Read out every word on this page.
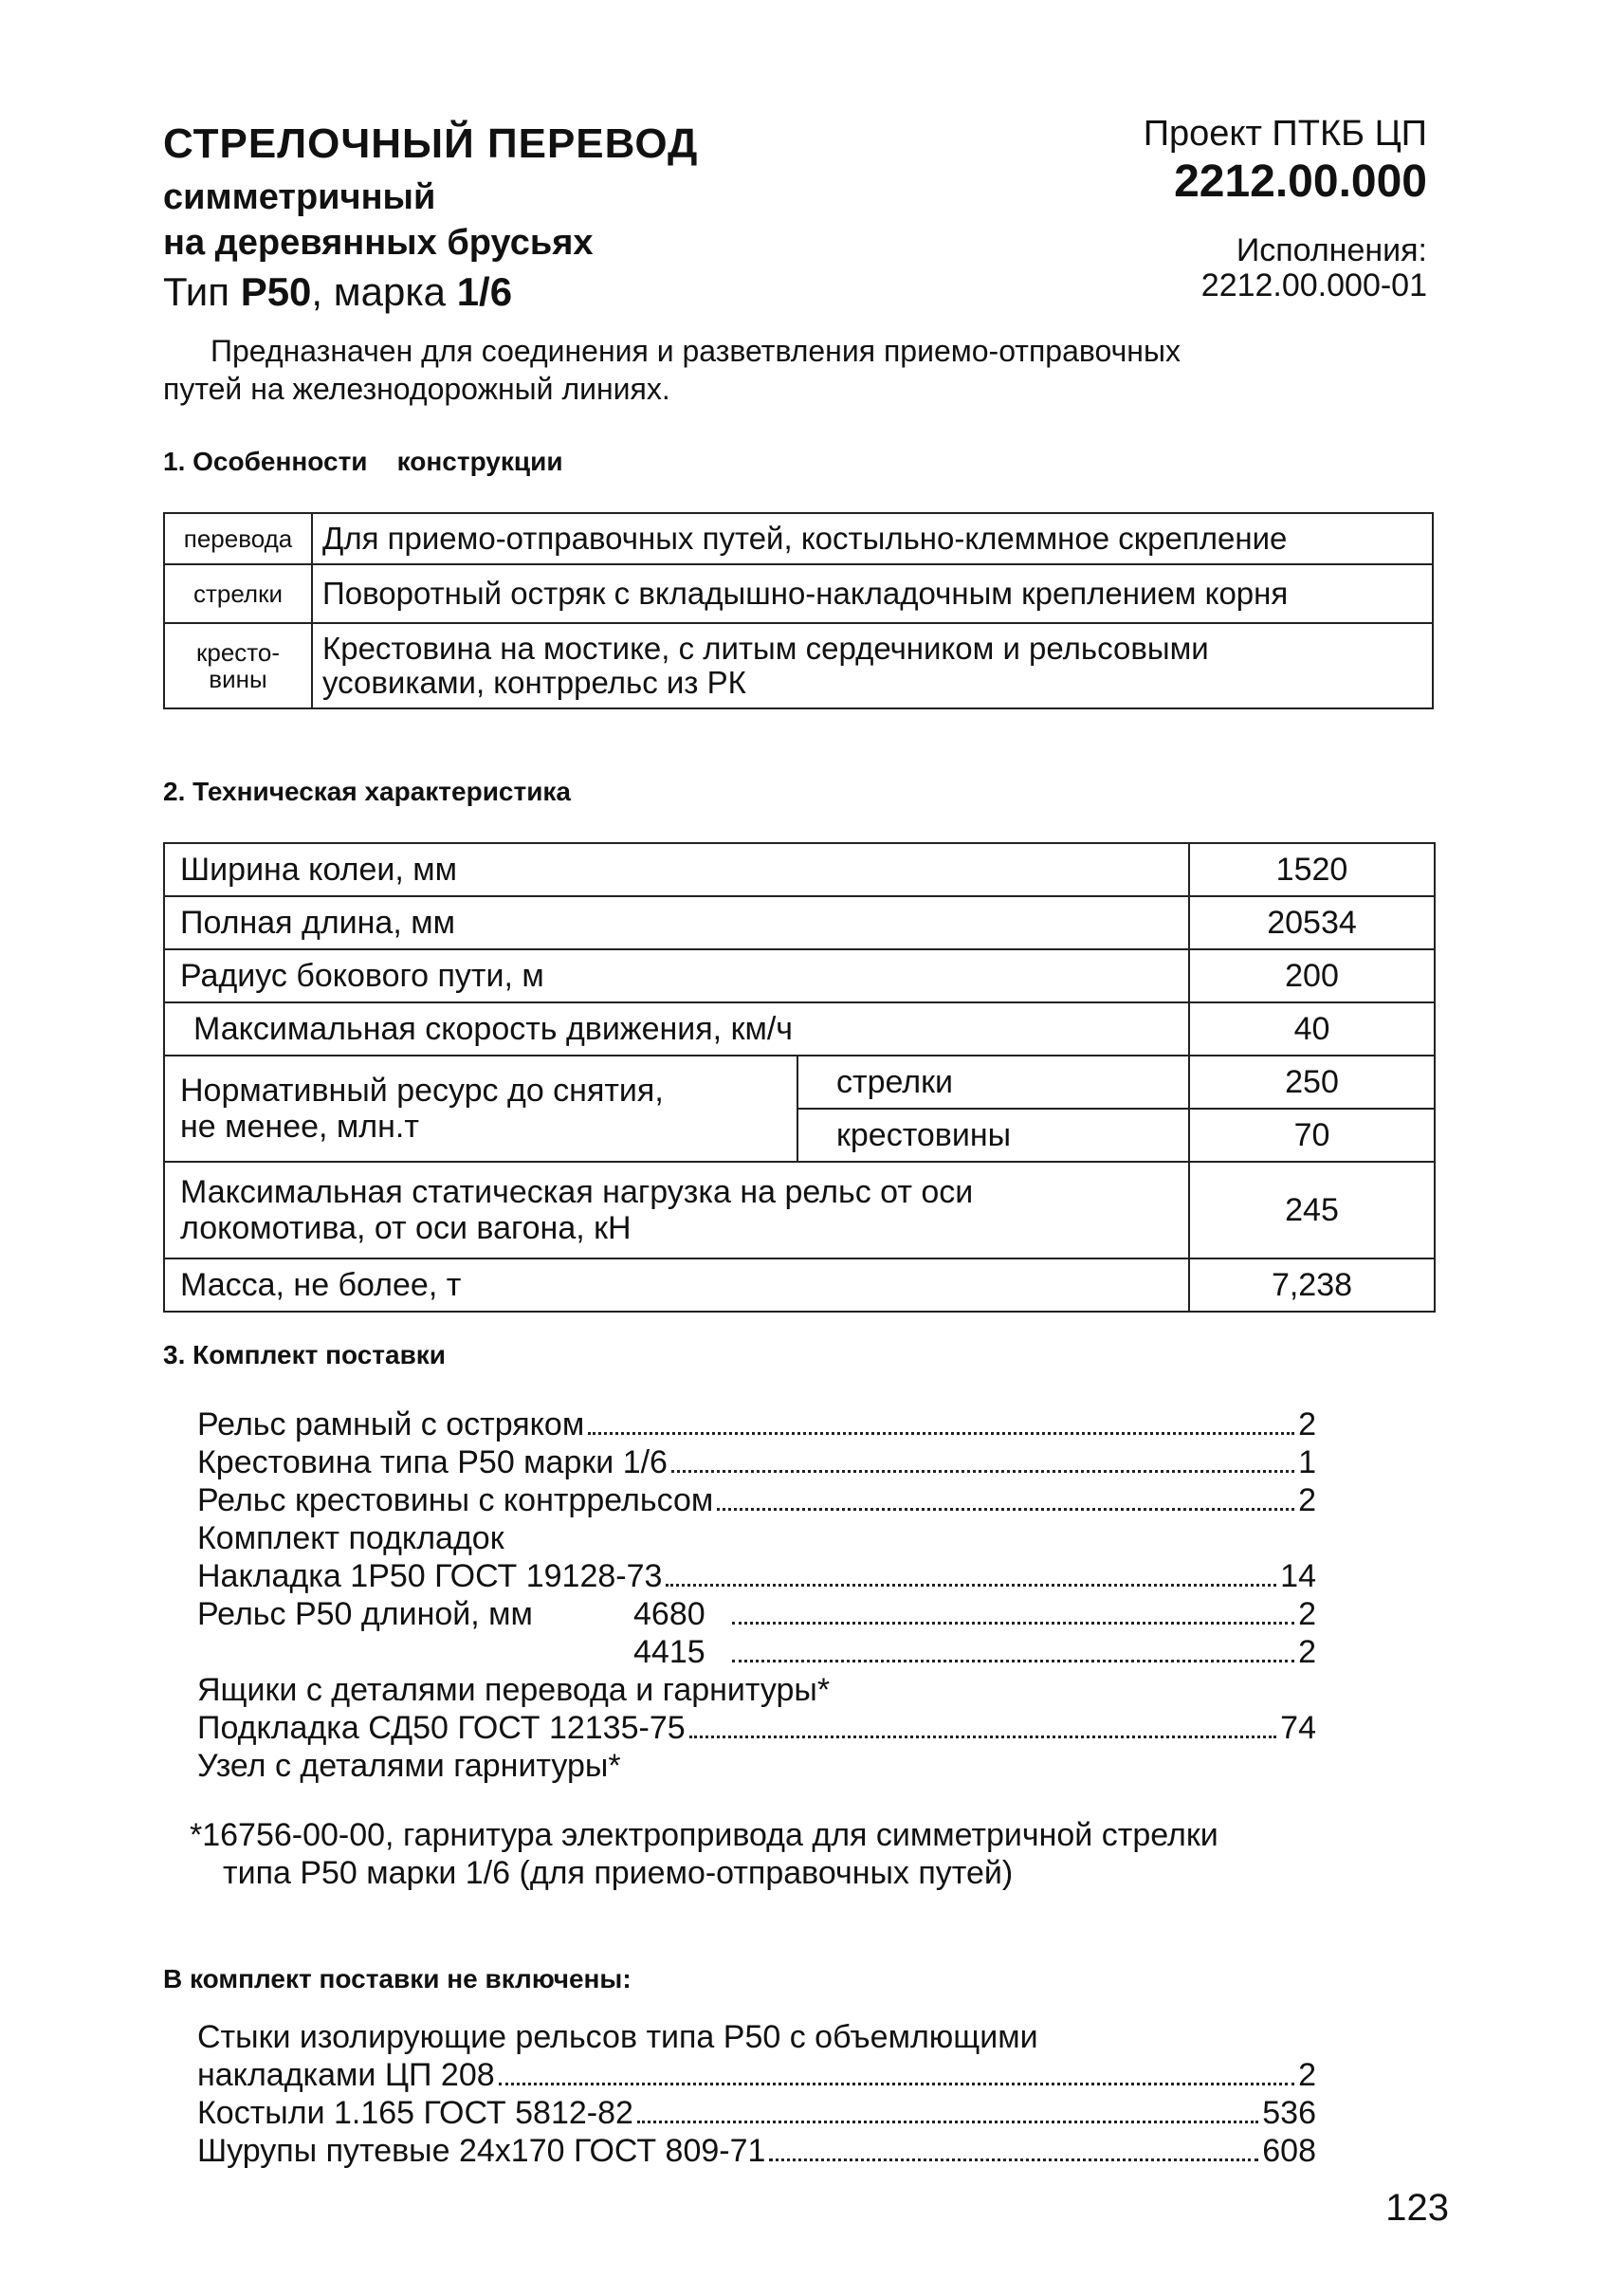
СТРЕЛОЧНЫЙ ПЕРЕВОД
симметричный
на деревянных брусьях
Тип Р50, марка 1/6
Проект ПТКБ ЦП
2212.00.000
Исполнения:
2212.00.000-01
Предназначен для соединения и разветвления приемо-отправочных
путей на железнодорожный линиях.
1. Особенности    конструкции
перевода	Для приемо-отправочных путей, костыльно-клеммное скрепление
стрелки	Поворотный остряк с вкладышно-накладочным креплением корня
кресто-
вины	Крестовина на мостике, с литым сердечником и рельсовыми
усовиками, контррельс из РК
2. Техническая характеристика
Ширина колеи, мм		1520
Полная длина, мм		20534
Радиус бокового пути, м		200
Максимальная скорость движения, км/ч		40
Нормативный ресурс до снятия,
не менее, млн.т	стрелки	250
	крестовины	70
Максимальная статическая нагрузка на рельс от оси
локомотива, от оси вагона, кН		245
Масса, не более, т		7,238
3. Комплект поставки
Рельс рамный с остряком	2
Крестовина типа Р50 марки 1/6	1
Рельс крестовины с контррельсом	2
Комплект подкладок
Накладка 1Р50 ГОСТ 19128-73	14
Рельс Р50 длиной, мм	4680	2
4415	2
Ящики с деталями перевода и гарнитуры*
Подкладка СД50 ГОСТ 12135-75	74
Узел с деталями гарнитуры*
*16756-00-00, гарнитура электропривода для симметричной стрелки
типа Р50 марки 1/6 (для приемо-отправочных путей)
В комплект поставки не включены:
Стыки изолирующие рельсов типа Р50 с объемлющими
накладками ЦП 208	2
Костыли 1.165 ГОСТ 5812-82	536
Шурупы путевые 24х170 ГОСТ 809-71	608
123
